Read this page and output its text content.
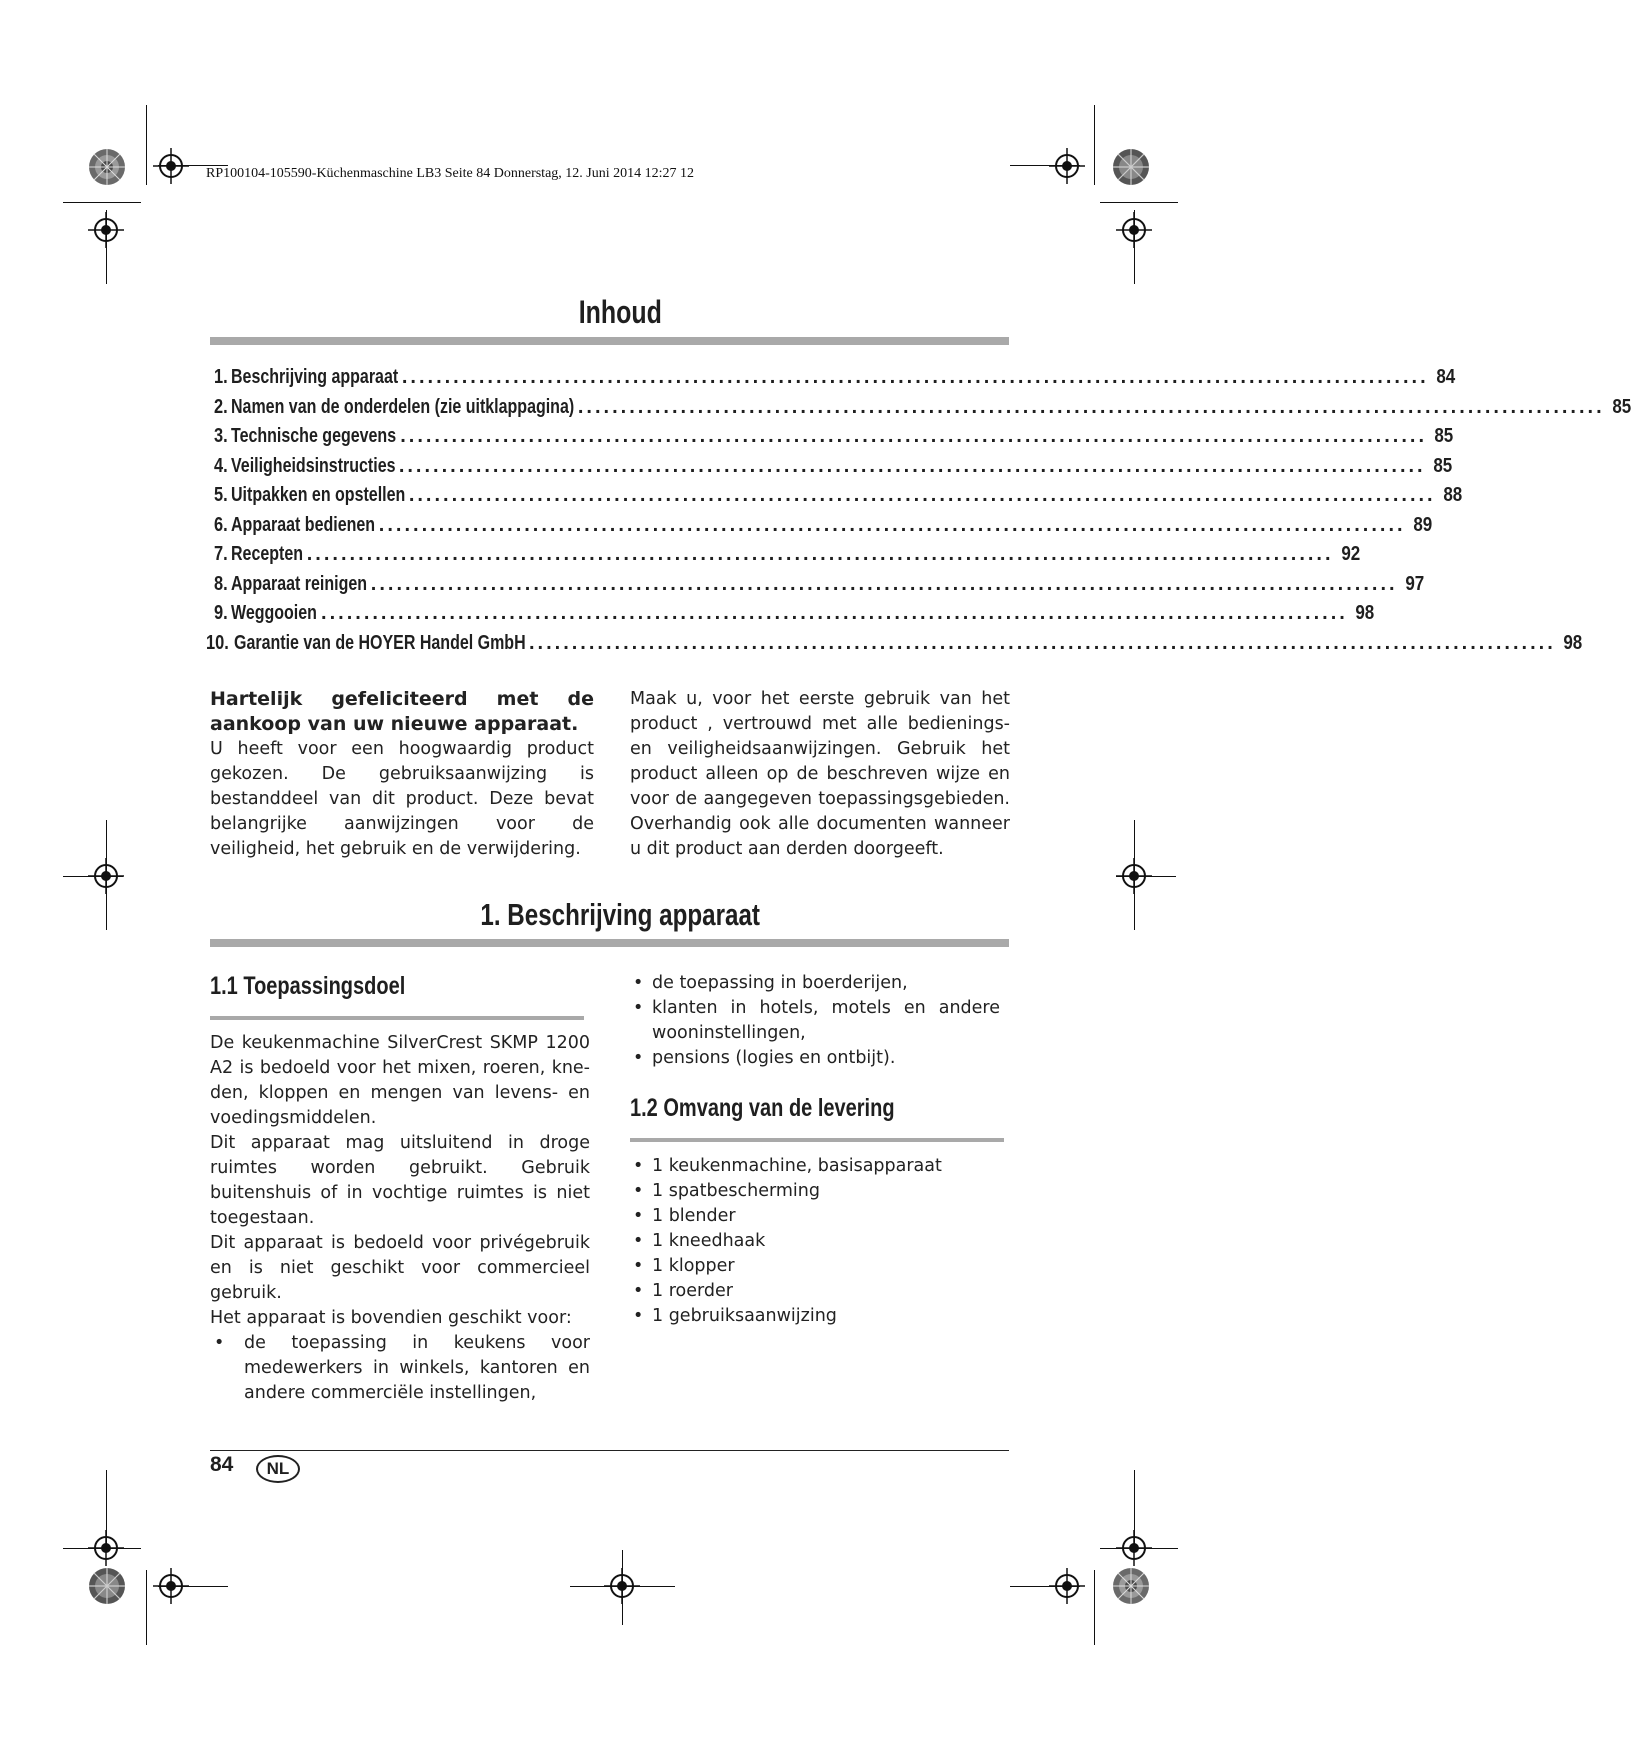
RP100104-105590-Küchenmaschine LB3 Seite 84 Donnerstag, 12. Juni 2014 12:27 12
Inhoud
1. Beschrijving apparaat ........................................................................................................................ 84
2. Namen van de onderdelen (zie uitklappagina) ........................................................................................................................ 85
3. Technische gegevens ........................................................................................................................ 85
4. Veiligheidsinstructies ........................................................................................................................ 85
5. Uitpakken en opstellen ........................................................................................................................ 88
6. Apparaat bedienen ........................................................................................................................ 89
7. Recepten ........................................................................................................................ 92
8. Apparaat reinigen ........................................................................................................................ 97
9. Weggooien ........................................................................................................................ 98
10. Garantie van de HOYER Handel GmbH ........................................................................................................................ 98

Hartelijk gefeliciteerd met de aankoop van uw nieuwe apparaat.

U heeft voor een hoogwaardig product gekozen. De gebruiksaanwijzing is bestanddeel van dit product. Deze bevat belangrijke aanwijzingen voor de veiligheid, het gebruik en de verwijdering.

Maak u, voor het eerste gebruik van het product , vertrouwd met alle bedienings- en veiligheidsaanwijzingen. Gebruik het product alleen op de beschreven wijze en voor de aangegeven toepassingsgebieden. Overhandig ook alle documenten wanneer u dit product aan derden doorgeeft.

1. Beschrijving apparaat
1.1 Toepassingsdoel

De keukenmachine SilverCrest SKMP 1200 A2 is bedoeld voor het mixen, roeren, kne-den, kloppen en mengen van levens- en voedingsmiddelen.

Dit apparaat mag uitsluitend in droge ruimtes worden gebruikt. Gebruik buitenshuis of in vochtige ruimtes is niet toegestaan.

Dit apparaat is bedoeld voor privégebruik en is niet geschikt voor commercieel gebruik.

Het apparaat is bovendien geschikt voor:

• de toepassing in keukens voor medewerkers in winkels, kantoren en andere commerciële instellingen,
• de toepassing in boerderijen,
• klanten in hotels, motels en andere wooninstellingen,
• pensions (logies en ontbijt).
1.2 Omvang van de levering
• 1 keukenmachine, basisapparaat
• 1 spatbescherming
• 1 blender
• 1 kneedhaak
• 1 klopper
• 1 roerder
• 1 gebruiksaanwijzing
84	NL
